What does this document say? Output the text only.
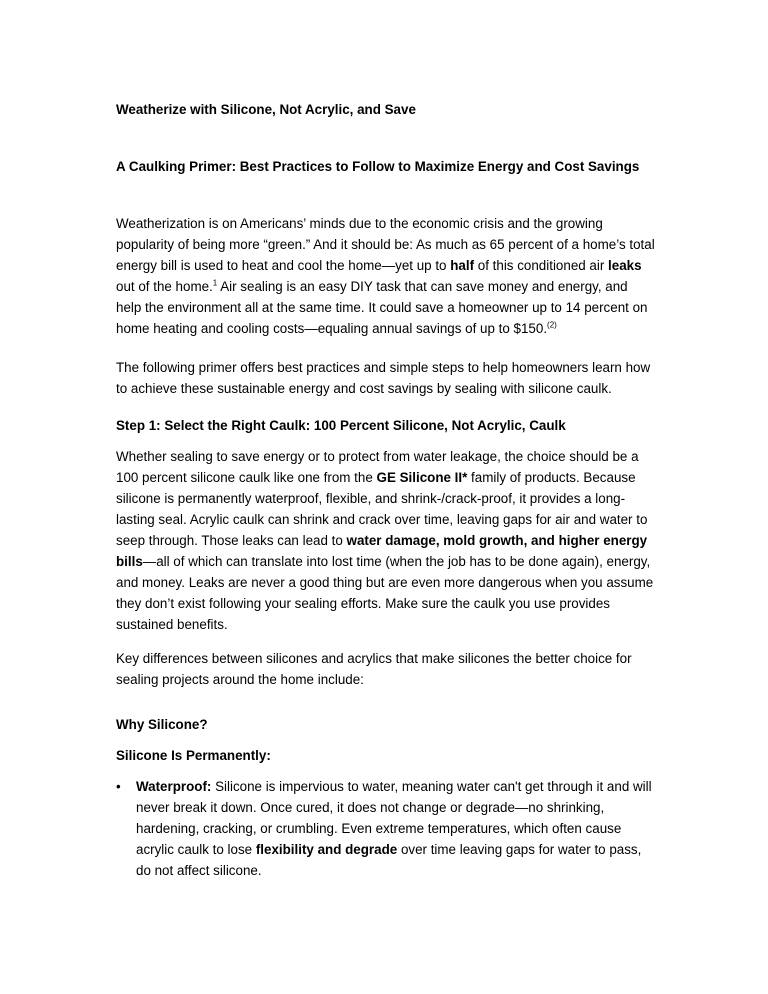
Weatherize with Silicone, Not Acrylic, and Save

A Caulking Primer: Best Practices to Follow to Maximize Energy and Cost Savings

Weatherization is on Americans’ minds due to the economic crisis and the growing popularity of being more “green.” And it should be: As much as 65 percent of a home’s total energy bill is used to heat and cool the home—yet up to half of this conditioned air leaks out of the home.$^1$ Air sealing is an easy DIY task that can save money and energy, and help the environment all at the same time. It could save a homeowner up to 14 percent on home heating and cooling costs—equaling annual savings of up to $150.$^{(2)}$

The following primer offers best practices and simple steps to help homeowners learn how to achieve these sustainable energy and cost savings by sealing with silicone caulk.

Step 1: Select the Right Caulk: 100 Percent Silicone, Not Acrylic, Caulk

Whether sealing to save energy or to protect from water leakage, the choice should be a 100 percent silicone caulk like one from the GE Silicone II* family of products. Because silicone is permanently waterproof, flexible, and shrink-/crack-proof, it provides a long-lasting seal. Acrylic caulk can shrink and crack over time, leaving gaps for air and water to seep through. Those leaks can lead to water damage, mold growth, and higher energy bills—all of which can translate into lost time (when the job has to be done again), energy, and money. Leaks are never a good thing but are even more dangerous when you assume they don’t exist following your sealing efforts. Make sure the caulk you use provides sustained benefits.

Key differences between silicones and acrylics that make silicones the better choice for sealing projects around the home include:

Why Silicone?

Silicone Is Permanently:

• Waterproof: Silicone is impervious to water, meaning water can't get through it and will never break it down. Once cured, it does not change or degrade—no shrinking, hardening, cracking, or crumbling. Even extreme temperatures, which often cause acrylic caulk to lose flexibility and degrade over time leaving gaps for water to pass, do not affect silicone.
